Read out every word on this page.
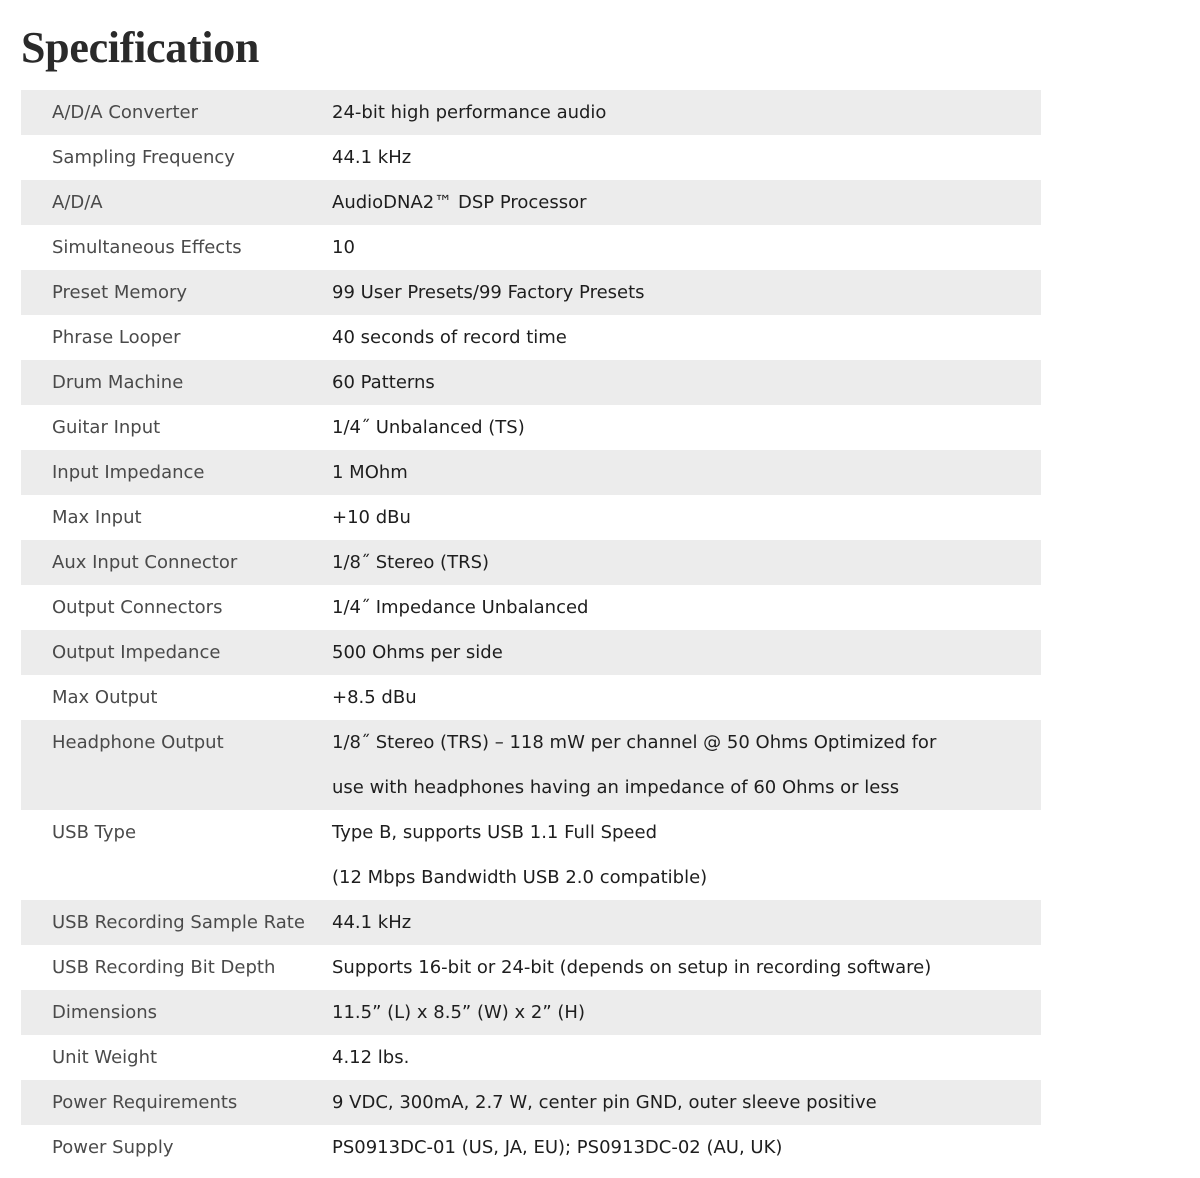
Specification
A/D/A Converter	24-bit high performance audio
Sampling Frequency	44.1 kHz
A/D/A	AudioDNA2™ DSP Processor
Simultaneous Effects	10
Preset Memory	99 User Presets/99 Factory Presets
Phrase Looper	40 seconds of record time
Drum Machine	60 Patterns
Guitar Input	1/4˝ Unbalanced (TS)
Input Impedance	1 MOhm
Max Input	+10 dBu
Aux Input Connector	1/8˝ Stereo (TRS)
Output Connectors	1/4˝ Impedance Unbalanced
Output Impedance	500 Ohms per side
Max Output	+8.5 dBu
Headphone Output	1/8˝ Stereo (TRS) – 118 mW per channel @ 50 Ohms Optimized for
use with headphones having an impedance of 60 Ohms or less
USB Type	Type B, supports USB 1.1 Full Speed
(12 Mbps Bandwidth USB 2.0 compatible)
USB Recording Sample Rate	44.1 kHz
USB Recording Bit Depth	Supports 16-bit or 24-bit (depends on setup in recording software)
Dimensions	11.5” (L) x 8.5” (W) x 2” (H)
Unit Weight	4.12 lbs.
Power Requirements	9 VDC, 300mA, 2.7 W, center pin GND, outer sleeve positive
Power Supply	PS0913DC-01 (US, JA, EU); PS0913DC-02 (AU, UK)
